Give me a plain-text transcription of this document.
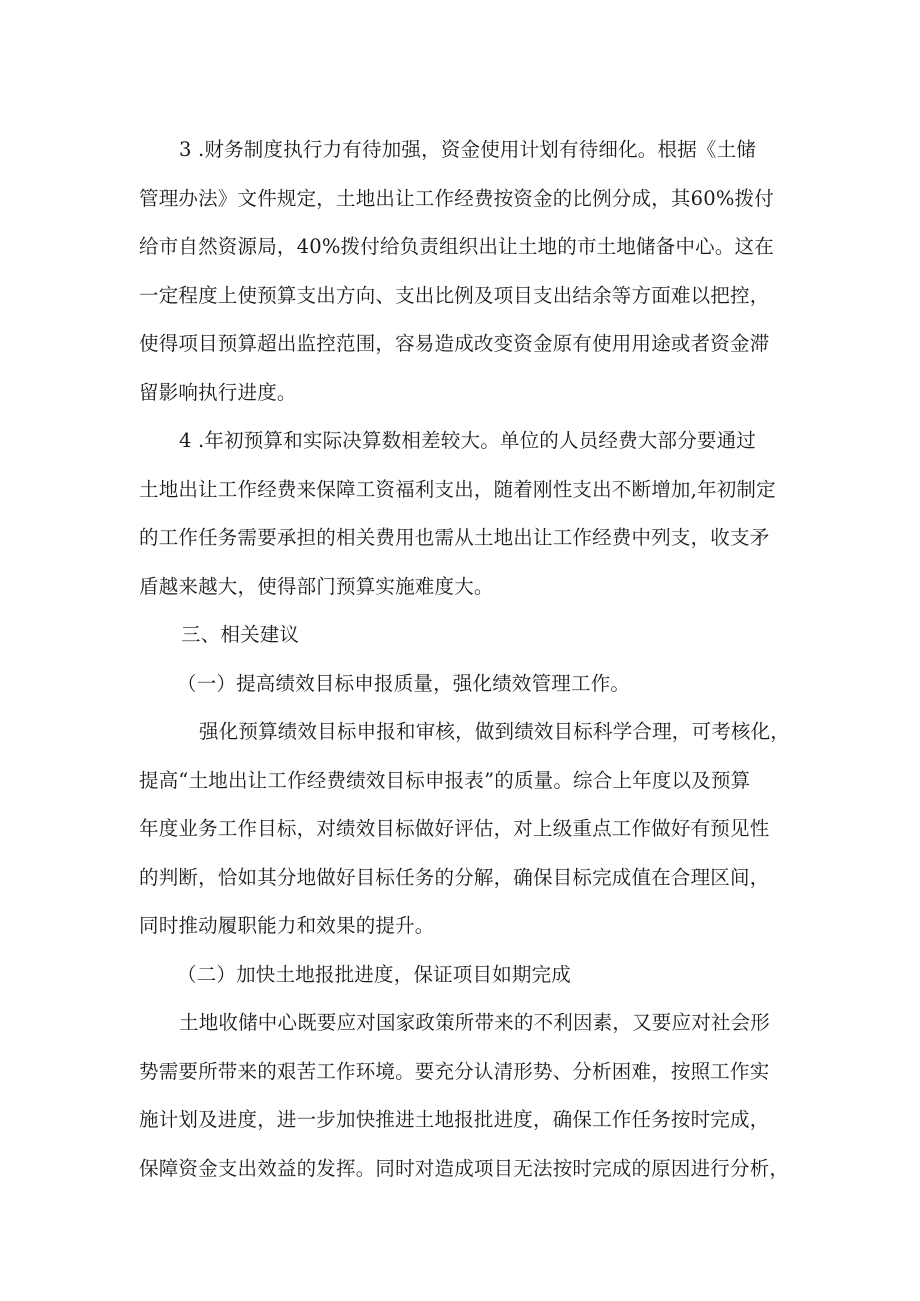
3 .财务制度执行力有待加强，资金使用计划有待细化。根据《土储
管理办法》文件规定，土地出让工作经费按资金的比例分成，其60%拨付
给市自然资源局，40%拨付给负责组织出让土地的市土地储备中心。这在
一定程度上使预算支出方向、支出比例及项目支出结余等方面难以把控，
使得项目预算超出监控范围，容易造成改变资金原有使用用途或者资金滞
留影响执行进度。
4 .年初预算和实际决算数相差较大。单位的人员经费大部分要通过
土地出让工作经费来保障工资福利支出，随着刚性支出不断增加,年初制定
的工作任务需要承担的相关费用也需从土地出让工作经费中列支，收支矛
盾越来越大，使得部门预算实施难度大。
三、相关建议
（一）提高绩效目标申报质量，强化绩效管理工作。
强化预算绩效目标申报和审核，做到绩效目标科学合理，可考核化，
提高“土地出让工作经费绩效目标申报表”的质量。综合上年度以及预算
年度业务工作目标，对绩效目标做好评估，对上级重点工作做好有预见性
的判断，恰如其分地做好目标任务的分解，确保目标完成值在合理区间，
同时推动履职能力和效果的提升。
（二）加快土地报批进度，保证项目如期完成
土地收储中心既要应对国家政策所带来的不利因素，又要应对社会形
势需要所带来的艰苦工作环境。要充分认清形势、分析困难，按照工作实
施计划及进度，进一步加快推进土地报批进度，确保工作任务按时完成，
保障资金支出效益的发挥。同时对造成项目无法按时完成的原因进行分析，
